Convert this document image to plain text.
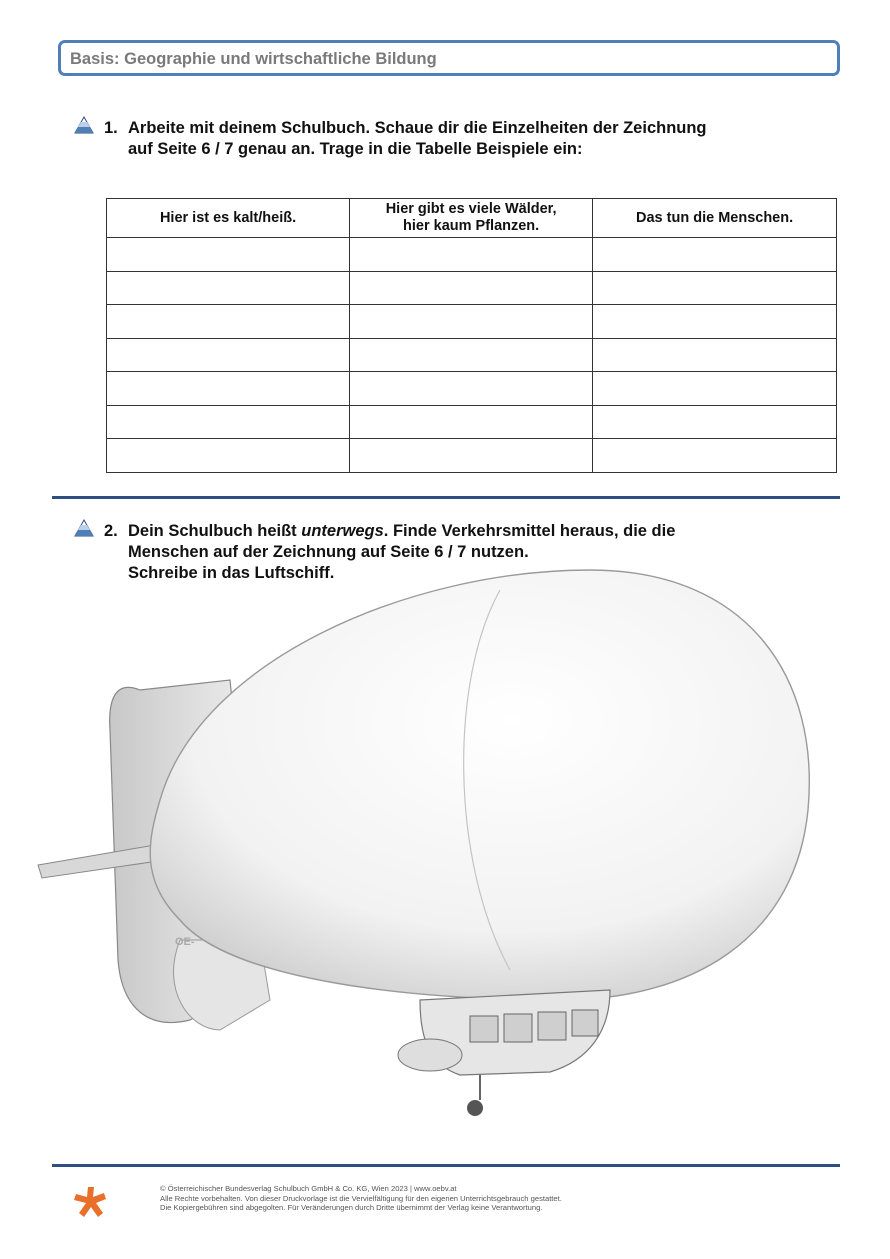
Basis: Geographie und wirtschaftliche Bildung
1. Arbeite mit deinem Schulbuch. Schaue dir die Einzelheiten der Zeichnung
auf Seite 6 / 7 genau an. Trage in die Tabelle Beispiele ein:
Hier ist es kalt/heiß.	Hier gibt es viele Wälder,
hier kaum Pflanzen.	Das tun die Menschen.

2. Dein Schulbuch heißt unterwegs. Finde Verkehrsmittel heraus, die die
Menschen auf der Zeichnung auf Seite 6 / 7 nutzen.
Schreibe in das Luftschiff.
OE-
© Österreichischer Bundesverlag Schulbuch GmbH & Co. KG, Wien 2023 | www.oebv.at
Alle Rechte vorbehalten. Von dieser Druckvorlage ist die Vervielfältigung für den eigenen Unterrichtsgebrauch gestattet.
Die Kopiergebühren sind abgegolten. Für Veränderungen durch Dritte übernimmt der Verlag keine Verantwortung.
